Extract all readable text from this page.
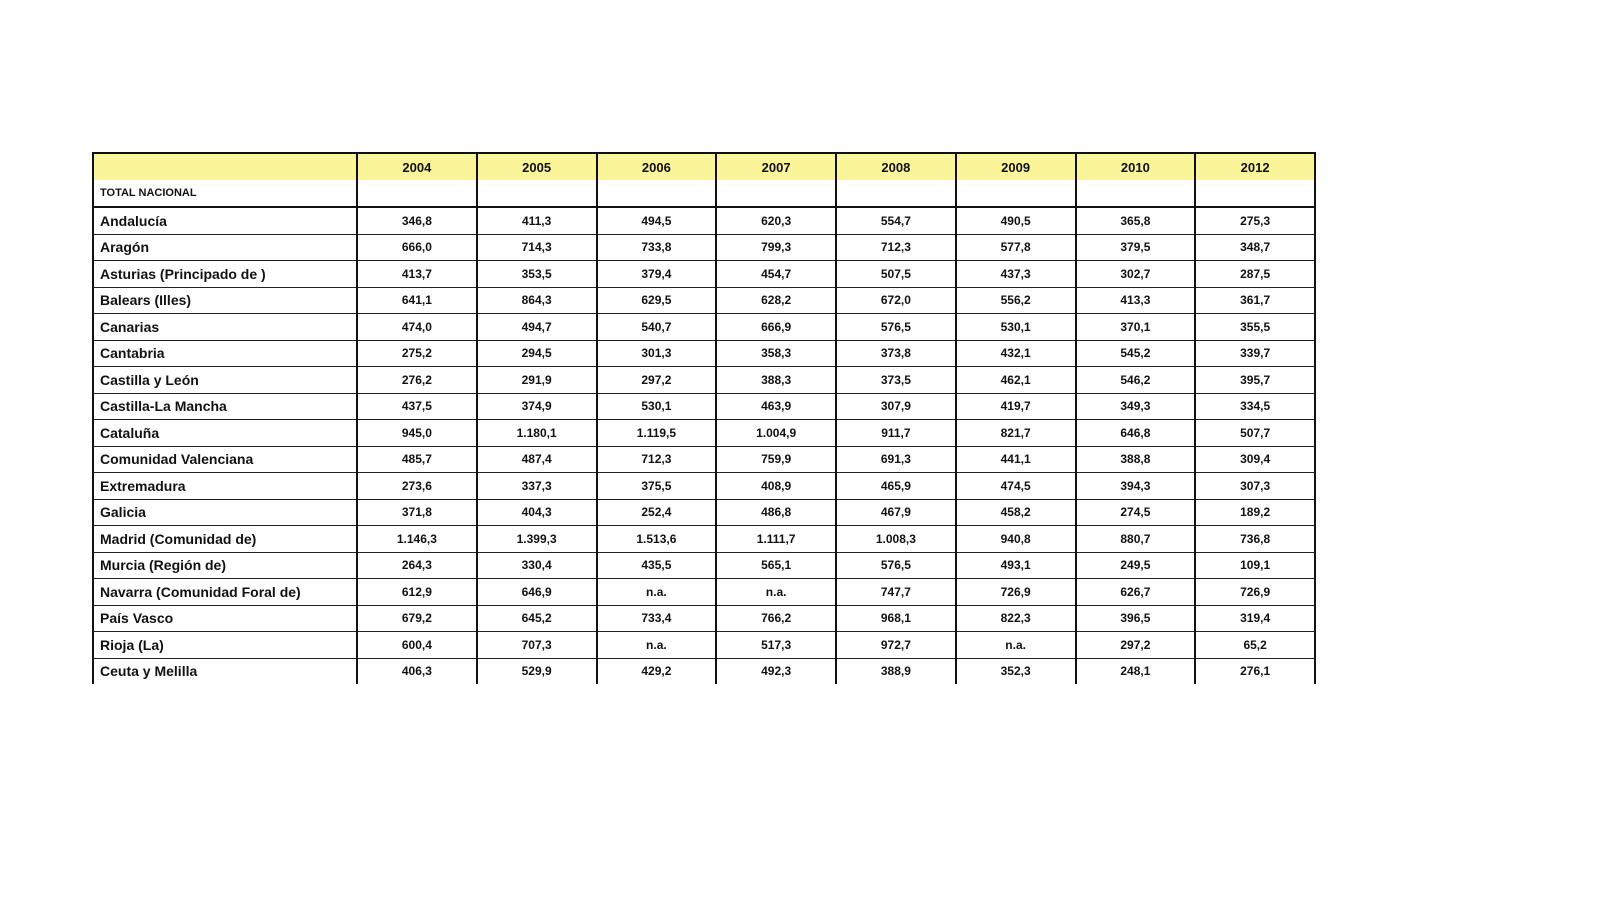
	2004	2005	2006	2007	2008	2009	2010	2012
TOTAL NACIONAL								
Andalucía	346,8	411,3	494,5	620,3	554,7	490,5	365,8	275,3
Aragón	666,0	714,3	733,8	799,3	712,3	577,8	379,5	348,7
Asturias (Principado de )	413,7	353,5	379,4	454,7	507,5	437,3	302,7	287,5
Balears (Illes)	641,1	864,3	629,5	628,2	672,0	556,2	413,3	361,7
Canarias	474,0	494,7	540,7	666,9	576,5	530,1	370,1	355,5
Cantabria	275,2	294,5	301,3	358,3	373,8	432,1	545,2	339,7
Castilla y León	276,2	291,9	297,2	388,3	373,5	462,1	546,2	395,7
Castilla-La Mancha	437,5	374,9	530,1	463,9	307,9	419,7	349,3	334,5
Cataluña	945,0	1.180,1	1.119,5	1.004,9	911,7	821,7	646,8	507,7
Comunidad Valenciana	485,7	487,4	712,3	759,9	691,3	441,1	388,8	309,4
Extremadura	273,6	337,3	375,5	408,9	465,9	474,5	394,3	307,3
Galicia	371,8	404,3	252,4	486,8	467,9	458,2	274,5	189,2
Madrid (Comunidad de)	1.146,3	1.399,3	1.513,6	1.111,7	1.008,3	940,8	880,7	736,8
Murcia (Región de)	264,3	330,4	435,5	565,1	576,5	493,1	249,5	109,1
Navarra (Comunidad Foral de)	612,9	646,9	n.a.	n.a.	747,7	726,9	626,7	726,9
País Vasco	679,2	645,2	733,4	766,2	968,1	822,3	396,5	319,4
Rioja (La)	600,4	707,3	n.a.	517,3	972,7	n.a.	297,2	65,2
Ceuta y Melilla	406,3	529,9	429,2	492,3	388,9	352,3	248,1	276,1
